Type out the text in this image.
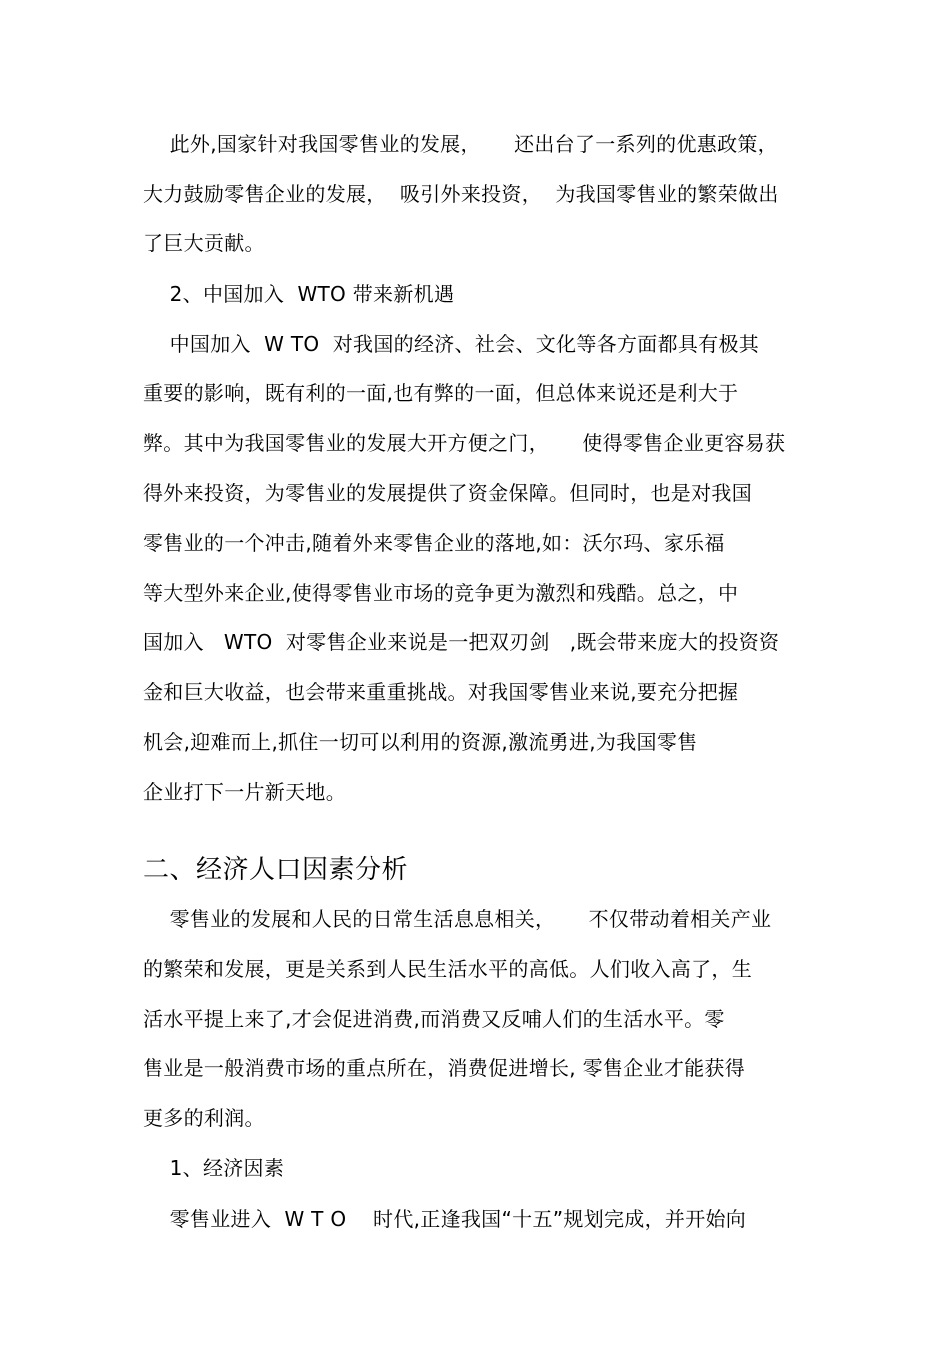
此外,国家针对我国零售业的发展，     还出台了一系列的优惠政策，
大力鼓励零售企业的发展，  吸引外来投资，  为我国零售业的繁荣做出
了巨大贡献。
2、中国加入  WTO 带来新机遇
中国加入  W TO  对我国的经济、社会、文化等各方面都具有极其
重要的影响，既有利的一面,也有弊的一面，但总体来说还是利大于
弊。其中为我国零售业的发展大开方便之门，     使得零售企业更容易获
得外来投资，为零售业的发展提供了资金保障。但同时，也是对我国
零售业的一个冲击,随着外来零售企业的落地,如：沃尔玛、家乐福
等大型外来企业,使得零售业市场的竞争更为激烈和残酷。总之，中
国加入   WTO  对零售企业来说是一把双刃剑   ,既会带来庞大的投资资
金和巨大收益，也会带来重重挑战。对我国零售业来说,要充分把握
机会,迎难而上,抓住一切可以利用的资源,激流勇进,为我国零售
企业打下一片新天地。
二、经济人口因素分析
零售业的发展和人民的日常生活息息相关，     不仅带动着相关产业
的繁荣和发展，更是关系到人民生活水平的高低。人们收入高了，生
活水平提上来了,才会促进消费,而消费又反哺人们的生活水平。零
售业是一般消费市场的重点所在，消费促进增长, 零售企业才能获得
更多的利润。
1、经济因素
零售业进入  W T O    时代,正逢我国“十五”规划完成，并开始向
